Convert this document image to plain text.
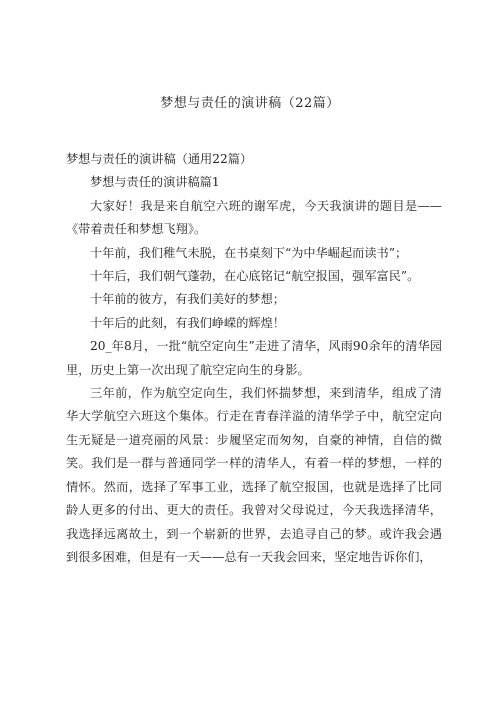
梦想与责任的演讲稿（22篇）

梦想与责任的演讲稿（通用22篇）

梦想与责任的演讲稿篇1

大家好！我是来自航空六班的谢军虎，今天我演讲的题目是——《带着责任和梦想飞翔》。

十年前，我们稚气未脱，在书桌刻下“为中华崛起而读书”；

十年后，我们朝气蓬勃，在心底铭记“航空报国，强军富民”。

十年前的彼方，有我们美好的梦想；

十年后的此刻，有我们峥嵘的辉煌！

20_年8月，一批“航空定向生”走进了清华，风雨90余年的清华园里，历史上第一次出现了航空定向生的身影。

三年前，作为航空定向生，我们怀揣梦想，来到清华，组成了清华大学航空六班这个集体。行走在青春洋溢的清华学子中，航空定向生无疑是一道亮丽的风景：步履坚定而匆匆，自豪的神情，自信的微笑。我们是一群与普通同学一样的清华人，有着一样的梦想，一样的情怀。然而，选择了军事工业，选择了航空报国，也就是选择了比同龄人更多的付出、更大的责任。我曾对父母说过，今天我选择清华，我选择远离故土，到一个崭新的世界，去追寻自己的梦。或许我会遇到很多困难，但是有一天——总有一天我会回来，坚定地告诉你们，
